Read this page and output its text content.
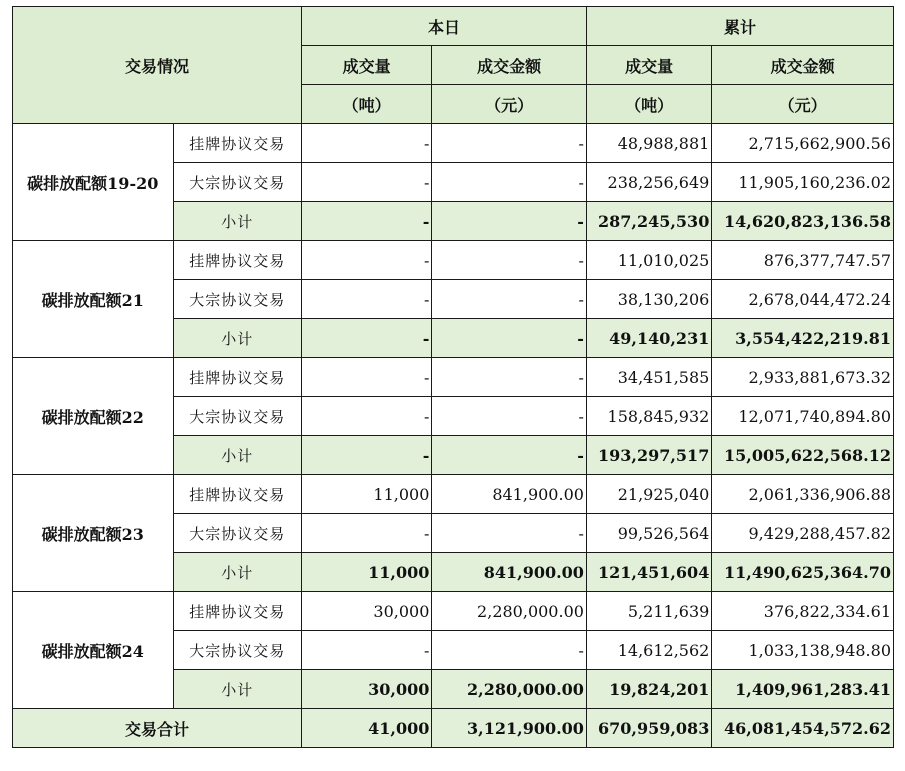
交易情况		本日		累计	
		成交量	成交金额	成交量	成交金额
		（吨）	（元）	（吨）	（元）
碳排放配额19-20	挂牌协议交易	-	-	48,988,881	2,715,662,900.56
	大宗协议交易	-	-	238,256,649	11,905,160,236.02
	小计	-	-	287,245,530	14,620,823,136.58
碳排放配额21	挂牌协议交易	-	-	11,010,025	876,377,747.57
	大宗协议交易	-	-	38,130,206	2,678,044,472.24
	小计	-	-	49,140,231	3,554,422,219.81
碳排放配额22	挂牌协议交易	-	-	34,451,585	2,933,881,673.32
	大宗协议交易	-	-	158,845,932	12,071,740,894.80
	小计	-	-	193,297,517	15,005,622,568.12
碳排放配额23	挂牌协议交易	11,000	841,900.00	21,925,040	2,061,336,906.88
	大宗协议交易	-	-	99,526,564	9,429,288,457.82
	小计	11,000	841,900.00	121,451,604	11,490,625,364.70
碳排放配额24	挂牌协议交易	30,000	2,280,000.00	5,211,639	376,822,334.61
	大宗协议交易	-	-	14,612,562	1,033,138,948.80
	小计	30,000	2,280,000.00	19,824,201	1,409,961,283.41
交易合计		41,000	3,121,900.00	670,959,083	46,081,454,572.62
